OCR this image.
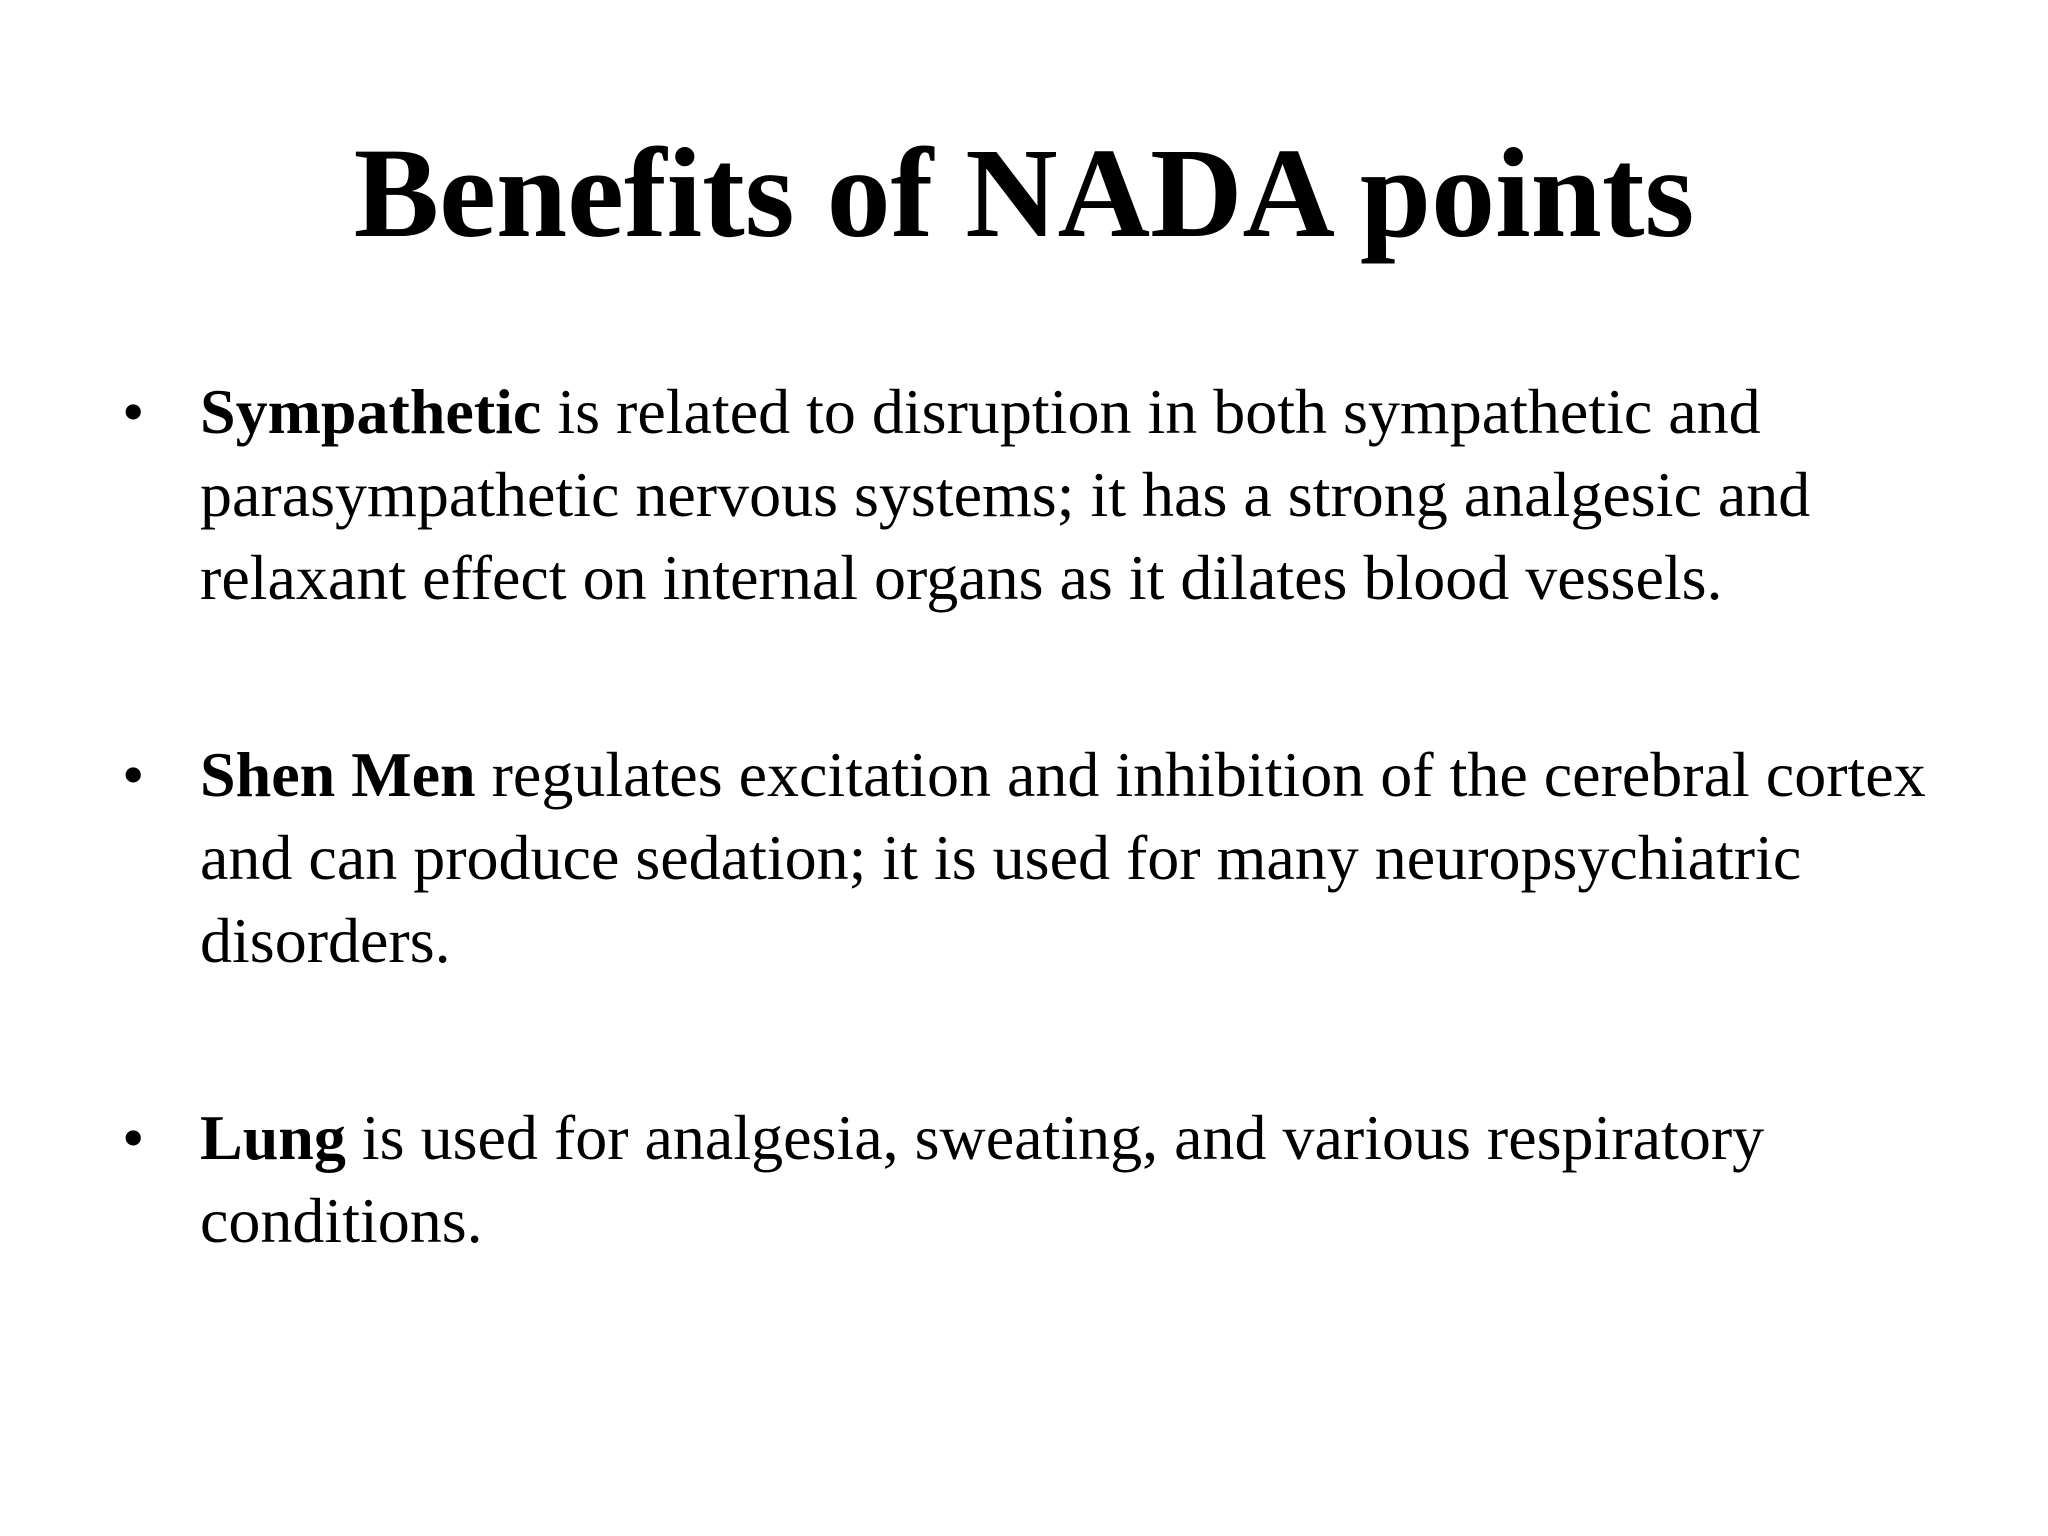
Benefits of NADA points
• Sympathetic is related to disruption in both sympathetic and parasympathetic nervous systems; it has a strong analgesic and relaxant effect on internal organs as it dilates blood vessels.
• Shen Men regulates excitation and inhibition of the cerebral cortex and can produce sedation; it is used for many neuropsychiatric disorders.
• Lung is used for analgesia, sweating, and various respiratory conditions.
